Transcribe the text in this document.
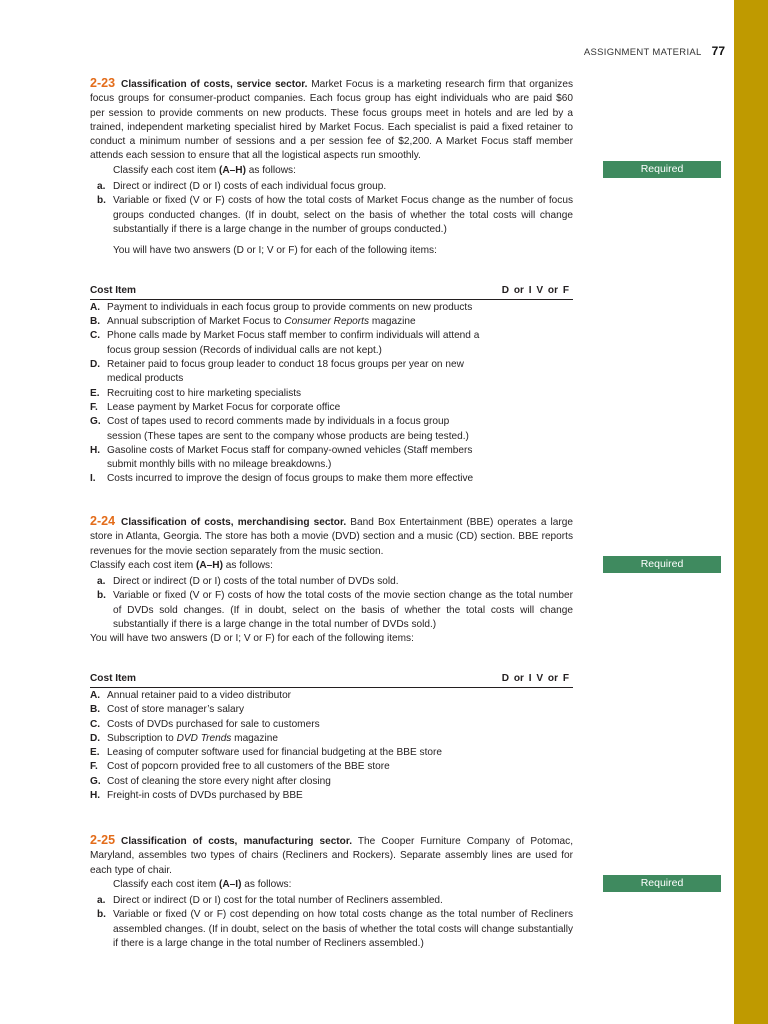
ASSIGNMENT MATERIAL 77

2-23 Classification of costs, service sector. Market Focus is a marketing research firm that organizes focus groups for consumer-product companies. Each focus group has eight individuals who are paid $60 per session to provide comments on new products. These focus groups meet in hotels and are led by a trained, independent marketing specialist hired by Market Focus. Each specialist is paid a fixed retainer to conduct a minimum number of sessions and a per session fee of $2,200. A Market Focus staff member attends each session to ensure that all the logistical aspects run smoothly.

Classify each cost item (A–H) as follows:

a. Direct or indirect (D or I) costs of each individual focus group.
b. Variable or fixed (V or F) costs of how the total costs of Market Focus change as the number of focus groups conducted changes. (If in doubt, select on the basis of whether the total costs will change substantially if there is a large change in the number of groups conducted.)

You will have two answers (D or I; V or F) for each of the following items:

Cost Item	D or I V or F
A. Payment to individuals in each focus group to provide comments on new products
B. Annual subscription of Market Focus to Consumer Reports magazine
C. Phone calls made by Market Focus staff member to confirm individuals will attend a focus group session (Records of individual calls are not kept.)
D. Retainer paid to focus group leader to conduct 18 focus groups per year on new medical products
E. Recruiting cost to hire marketing specialists
F. Lease payment by Market Focus for corporate office
G. Cost of tapes used to record comments made by individuals in a focus group session (These tapes are sent to the company whose products are being tested.)
H. Gasoline costs of Market Focus staff for company-owned vehicles (Staff members submit monthly bills with no mileage breakdowns.)
I. Costs incurred to improve the design of focus groups to make them more effective

2-24 Classification of costs, merchandising sector. Band Box Entertainment (BBE) operates a large store in Atlanta, Georgia. The store has both a movie (DVD) section and a music (CD) section. BBE reports revenues for the movie section separately from the music section.

Classify each cost item (A–H) as follows:

a. Direct or indirect (D or I) costs of the total number of DVDs sold.
b. Variable or fixed (V or F) costs of how the total costs of the movie section change as the total number of DVDs sold changes. (If in doubt, select on the basis of whether the total costs will change substantially if there is a large change in the total number of DVDs sold.)

You will have two answers (D or I; V or F) for each of the following items:

Cost Item	D or I V or F
A. Annual retainer paid to a video distributor
B. Cost of store manager’s salary
C. Costs of DVDs purchased for sale to customers
D. Subscription to DVD Trends magazine
E. Leasing of computer software used for financial budgeting at the BBE store
F. Cost of popcorn provided free to all customers of the BBE store
G. Cost of cleaning the store every night after closing
H. Freight-in costs of DVDs purchased by BBE

2-25 Classification of costs, manufacturing sector. The Cooper Furniture Company of Potomac, Maryland, assembles two types of chairs (Recliners and Rockers). Separate assembly lines are used for each type of chair.

Classify each cost item (A–I) as follows:

a. Direct or indirect (D or I) cost for the total number of Recliners assembled.
b. Variable or fixed (V or F) cost depending on how total costs change as the total number of Recliners assembled changes. (If in doubt, select on the basis of whether the total costs will change substantially if there is a large change in the total number of Recliners assembled.)
Required
Required
Required
